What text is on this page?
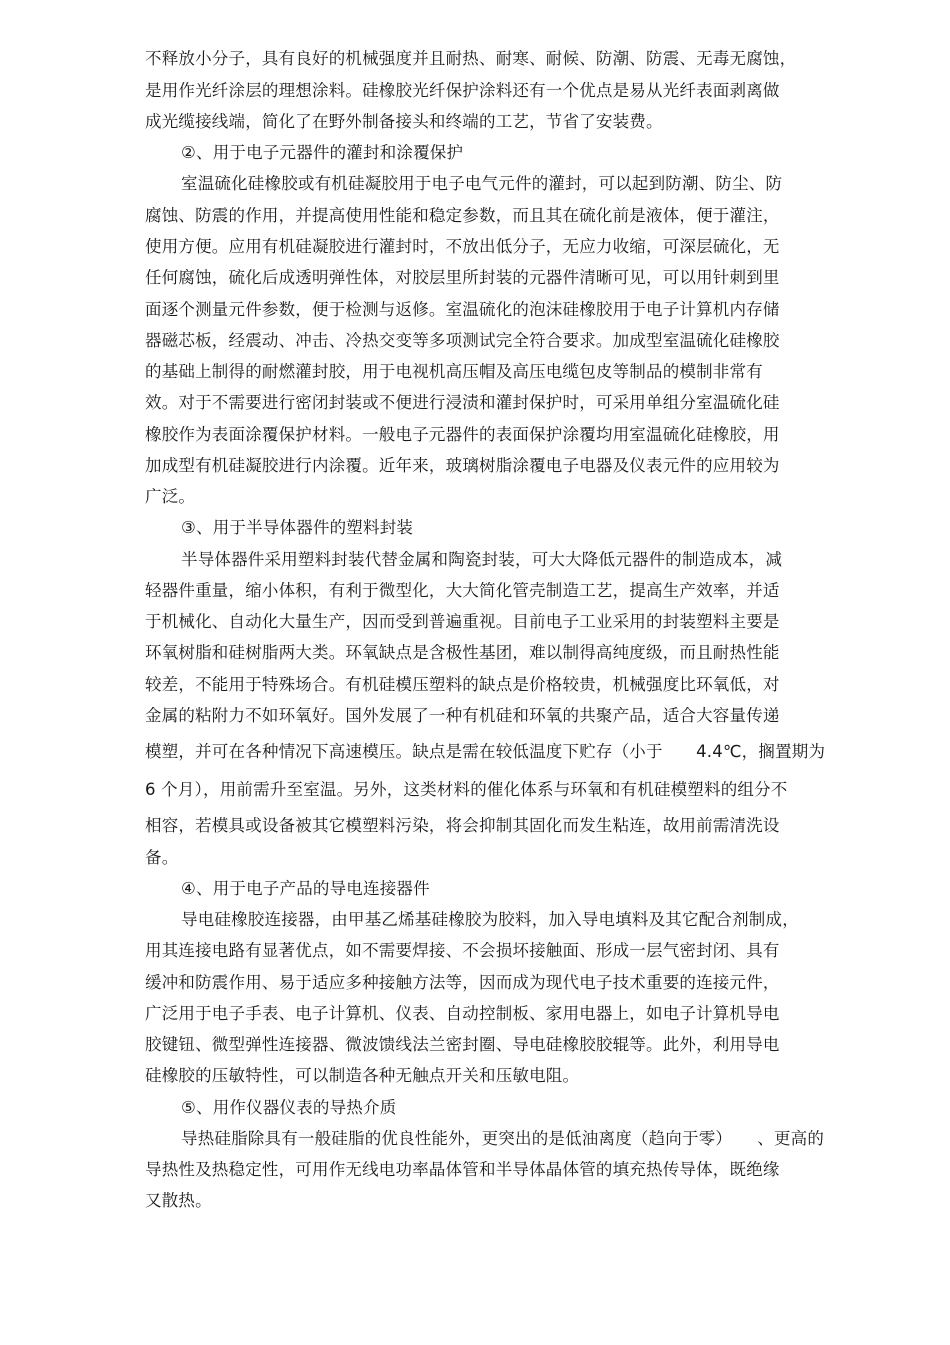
不释放小分子，具有良好的机械强度并且耐热、耐寒、耐候、防潮、防震、无毒无腐蚀，
是用作光纤涂层的理想涂料。硅橡胶光纤保护涂料还有一个优点是易从光纤表面剥离做
成光缆接线端，简化了在野外制备接头和终端的工艺，节省了安装费。
②、用于电子元器件的灌封和涂覆保护
室温硫化硅橡胶或有机硅凝胶用于电子电气元件的灌封，可以起到防潮、防尘、防
腐蚀、防震的作用，并提高使用性能和稳定参数，而且其在硫化前是液体，便于灌注，
使用方便。应用有机硅凝胶进行灌封时，不放出低分子，无应力收缩，可深层硫化，无
任何腐蚀，硫化后成透明弹性体，对胶层里所封装的元器件清晰可见，可以用针刺到里
面逐个测量元件参数，便于检测与返修。室温硫化的泡沫硅橡胶用于电子计算机内存储
器磁芯板，经震动、冲击、冷热交变等多项测试完全符合要求。加成型室温硫化硅橡胶
的基础上制得的耐燃灌封胶，用于电视机高压帽及高压电缆包皮等制品的模制非常有
效。对于不需要进行密闭封装或不便进行浸渍和灌封保护时，可采用单组分室温硫化硅
橡胶作为表面涂覆保护材料。一般电子元器件的表面保护涂覆均用室温硫化硅橡胶，用
加成型有机硅凝胶进行内涂覆。近年来，玻璃树脂涂覆电子电器及仪表元件的应用较为
广泛。
③、用于半导体器件的塑料封装
半导体器件采用塑料封装代替金属和陶瓷封装，可大大降低元器件的制造成本，减
轻器件重量，缩小体积，有利于微型化，大大简化管壳制造工艺，提高生产效率，并适
于机械化、自动化大量生产，因而受到普遍重视。目前电子工业采用的封装塑料主要是
环氧树脂和硅树脂两大类。环氧缺点是含极性基团，难以制得高纯度级，而且耐热性能
较差，不能用于特殊场合。有机硅模压塑料的缺点是价格较贵，机械强度比环氧低，对
金属的粘附力不如环氧好。国外发展了一种有机硅和环氧的共聚产品，适合大容量传递
模塑，并可在各种情况下高速模压。缺点是需在较低温度下贮存（小于　　4.4℃，搁置期为
6 个月），用前需升至室温。另外，这类材料的催化体系与环氧和有机硅模塑料的组分不
相容，若模具或设备被其它模塑料污染，将会抑制其固化而发生粘连，故用前需清洗设
备。
④、用于电子产品的导电连接器件
导电硅橡胶连接器，由甲基乙烯基硅橡胶为胶料，加入导电填料及其它配合剂制成，
用其连接电路有显著优点，如不需要焊接、不会损坏接触面、形成一层气密封闭、具有
缓冲和防震作用、易于适应多种接触方法等，因而成为现代电子技术重要的连接元件，
广泛用于电子手表、电子计算机、仪表、自动控制板、家用电器上，如电子计算机导电
胶键钮、微型弹性连接器、微波馈线法兰密封圈、导电硅橡胶胶辊等。此外，利用导电
硅橡胶的压敏特性，可以制造各种无触点开关和压敏电阻。
⑤、用作仪器仪表的导热介质
导热硅脂除具有一般硅脂的优良性能外，更突出的是低油离度（趋向于零）　　、更高的
导热性及热稳定性，可用作无线电功率晶体管和半导体晶体管的填充热传导体，既绝缘
又散热。
